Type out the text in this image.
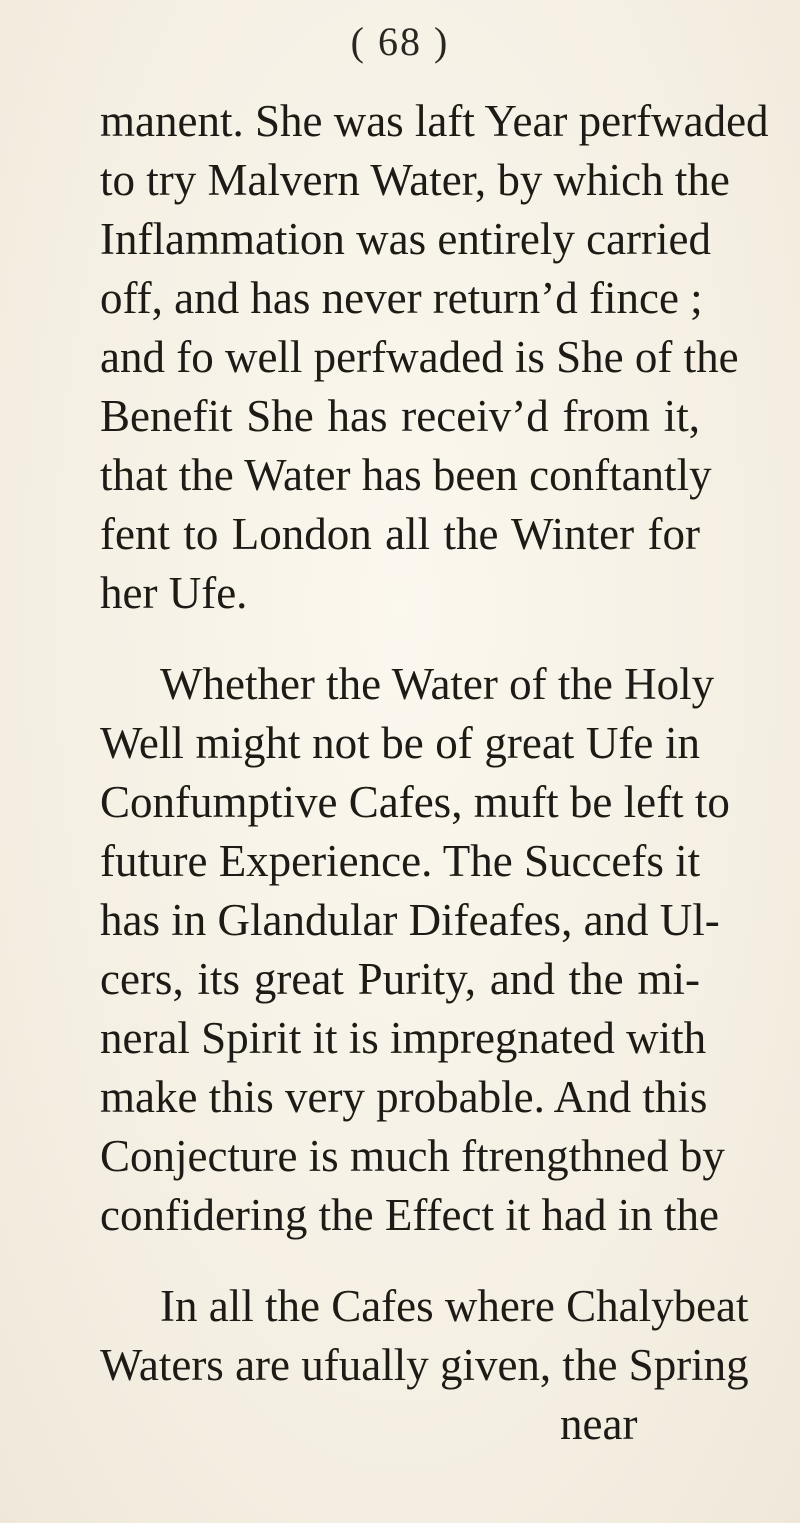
( 68 )
manent. She was laft Year perfwaded
to try Malvern Water, by which the
Inflammation was entirely carried
off, and has never return’d fince ;
and fo well perfwaded is She of the
Benefit She has receiv’d from it,
that the Water has been conftantly
fent to London all the Winter for
her Ufe.
Whether the Water of the Holy
Well might not be of great Ufe in
Confumptive Cafes, muft be left to
future Experience. The Succefs it
has in Glandular Difeafes, and Ul-
cers, its great Purity, and the mi-
neral Spirit it is impregnated with
make this very probable. And this
Conjecture is much ftrengthned by
confidering the Effect it had in the
In all the Cafes where Chalybeat
Waters are ufually given, the Spring
near
